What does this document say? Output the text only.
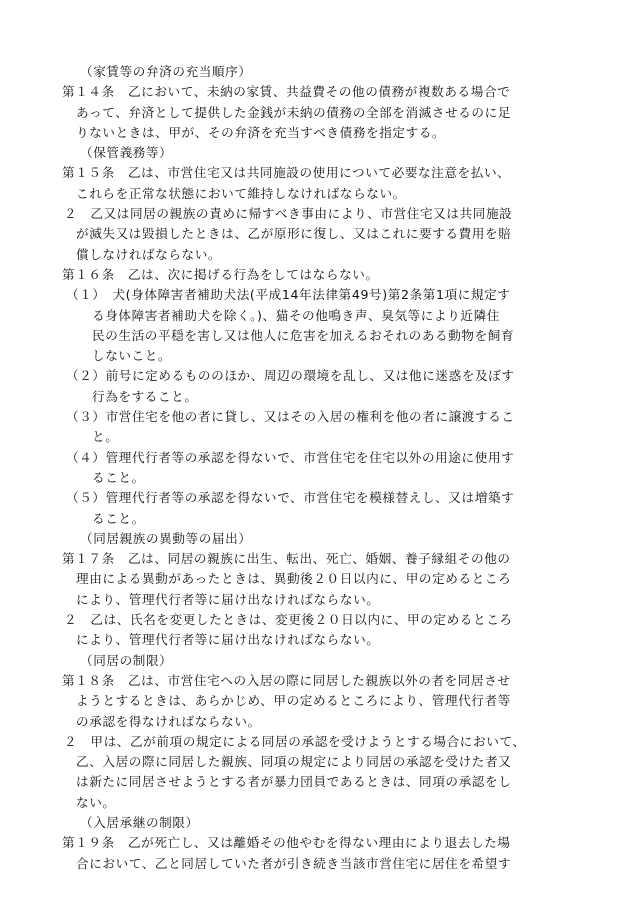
（家賃等の弁済の充当順序）
第１４条　乙において、未納の家賃、共益費その他の債務が複数ある場合で
あって、弁済として提供した金銭が未納の債務の全部を消滅させるのに足
りないときは、甲が、その弁済を充当すべき債務を指定する。
（保管義務等）
第１５条　乙は、市営住宅又は共同施設の使用について必要な注意を払い、
これらを正常な状態において維持しなければならない。
２　乙又は同居の親族の責めに帰すべき事由により、市営住宅又は共同施設
が滅失又は毀損したときは、乙が原形に復し、又はこれに要する費用を賠
償しなければならない。
第１６条　乙は、次に掲げる行為をしてはならない。
（１）　犬(身体障害者補助犬法(平成14年法律第49号)第2条第1項に規定す
る身体障害者補助犬を除く。)、猫その他鳴き声、臭気等により近隣住
民の生活の平穏を害し又は他人に危害を加えるおそれのある動物を飼育
しないこと。
（２）前号に定めるもののほか、周辺の環境を乱し、又は他に迷惑を及ぼす
行為をすること。
（３）市営住宅を他の者に貸し、又はその入居の権利を他の者に譲渡するこ
と。
（４）管理代行者等の承認を得ないで、市営住宅を住宅以外の用途に使用す
ること。
（５）管理代行者等の承認を得ないで、市営住宅を模様替えし、又は増築す
ること。
（同居親族の異動等の届出）
第１７条　乙は、同居の親族に出生、転出、死亡、婚姻、養子縁組その他の
理由による異動があったときは、異動後２０日以内に、甲の定めるところ
により、管理代行者等に届け出なければならない。
２　乙は、氏名を変更したときは、変更後２０日以内に、甲の定めるところ
により、管理代行者等に届け出なければならない。
（同居の制限）
第１８条　乙は、市営住宅への入居の際に同居した親族以外の者を同居させ
ようとするときは、あらかじめ、甲の定めるところにより、管理代行者等
の承認を得なければならない。
２　甲は、乙が前項の規定による同居の承認を受けようとする場合において、
乙、入居の際に同居した親族、同項の規定により同居の承認を受けた者又
は新たに同居させようとする者が暴力団員であるときは、同項の承認をし
ない。
（入居承継の制限）
第１９条　乙が死亡し、又は離婚その他やむを得ない理由により退去した場
合において、乙と同居していた者が引き続き当該市営住宅に居住を希望す
